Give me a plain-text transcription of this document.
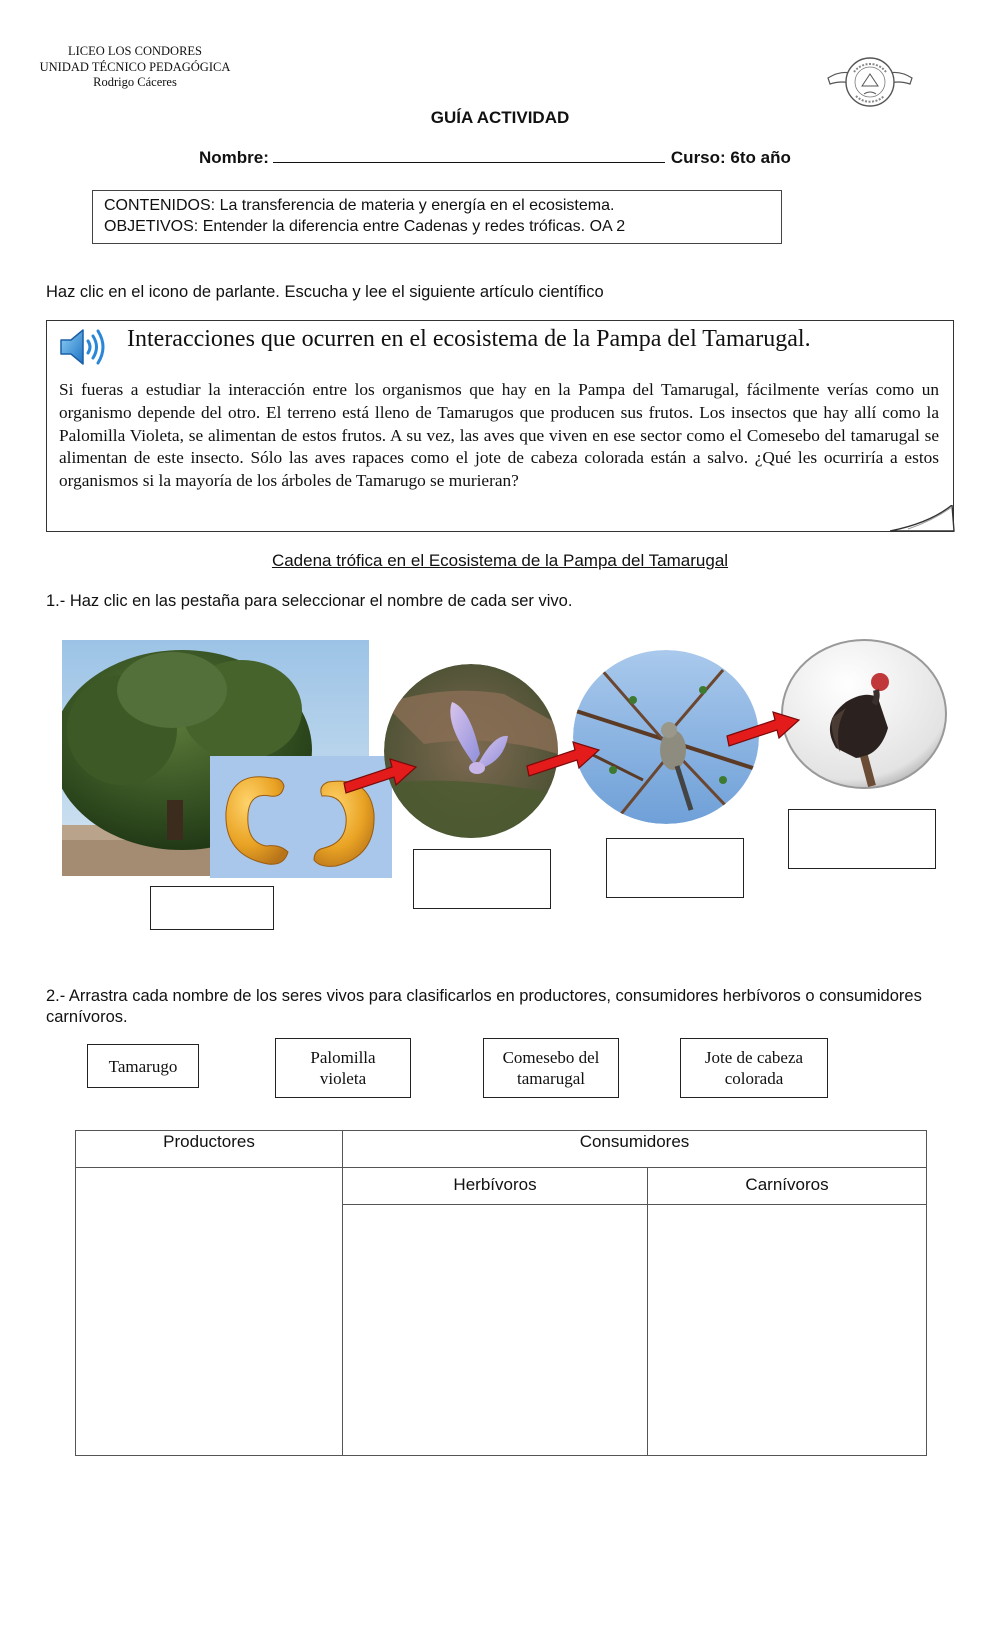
LICEO LOS CONDORES
UNIDAD TÉCNICO PEDAGÓGICA
Rodrigo Cáceres
GUÍA ACTIVIDAD
Nombre:	Curso: 6to año
CONTENIDOS: La transferencia de materia y energía en el ecosistema.
OBJETIVOS: Entender la diferencia entre Cadenas y redes tróficas. OA 2
Haz clic en el icono de parlante. Escucha y lee el siguiente artículo científico
Interacciones que ocurren en el ecosistema de la Pampa del Tamarugal.
Si fueras a estudiar la interacción entre los organismos que hay en la Pampa del Tamarugal, fácilmente verías como un organismo depende del otro. El terreno está lleno de Tamarugos que producen sus frutos. Los insectos que hay allí como la Palomilla Violeta, se alimentan de estos frutos. A su vez, las aves que viven en ese sector como el Comesebo del tamarugal se alimentan de este insecto. Sólo las aves rapaces como el jote de cabeza colorada están a salvo. ¿Qué les ocurriría a estos organismos si la mayoría de los árboles de Tamarugo se murieran?
Cadena trófica en el Ecosistema de la Pampa del Tamarugal
1.- Haz clic en las pestaña para seleccionar el nombre de cada ser vivo.
2.- Arrastra cada nombre de los seres vivos para clasificarlos en productores, consumidores herbívoros o consumidores carnívoros.
Tamarugo	Palomilla
violeta
Comesebo del
tamarugal
Jote de cabeza
colorada
Productores	Consumidores
Herbívoros	Carnívoros
